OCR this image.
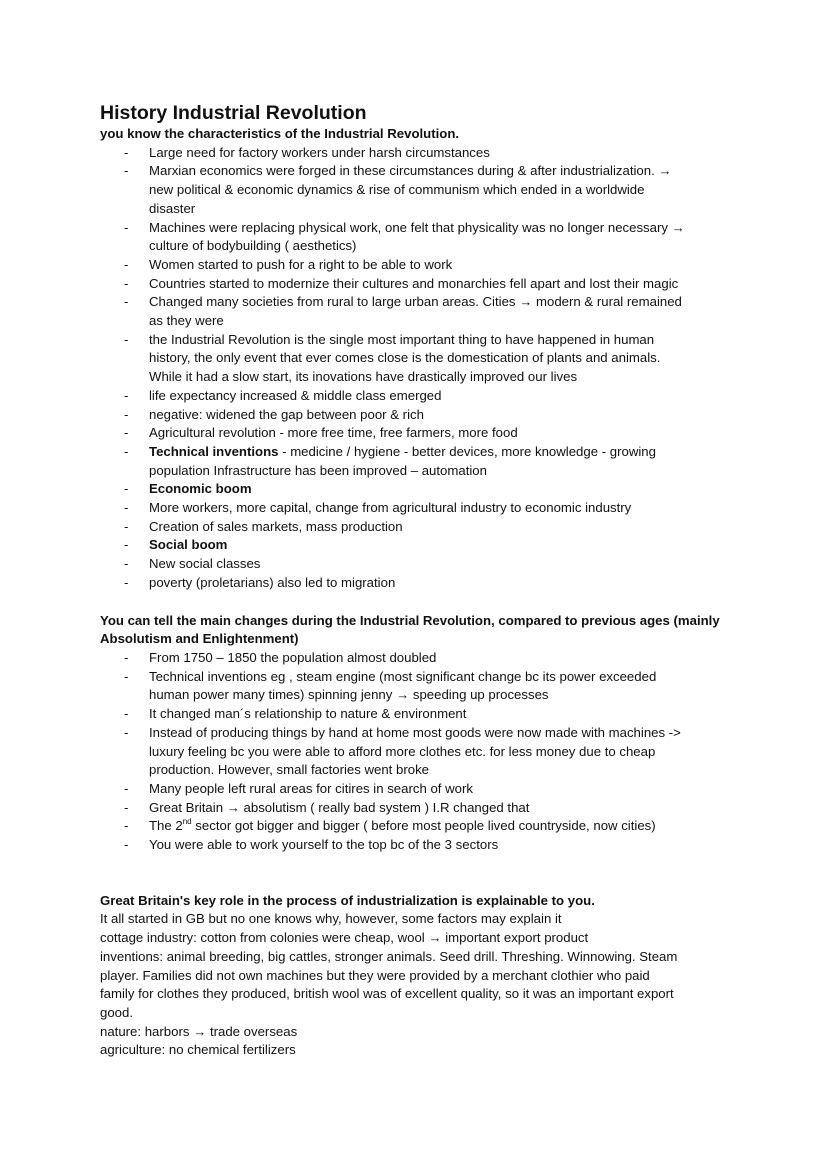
History Industrial Revolution
you know the characteristics of the Industrial Revolution.
- Large need for factory workers under harsh circumstances
- Marxian economics were forged in these circumstances during & after industrialization. →
new political & economic dynamics & rise of communism which ended in a worldwide
disaster
- Machines were replacing physical work, one felt that physicality was no longer necessary →
culture of bodybuilding ( aesthetics)
- Women started to push for a right to be able to work
- Countries started to modernize their cultures and monarchies fell apart and lost their magic
- Changed many societies from rural to large urban areas. Cities → modern & rural remained
as they were
- the Industrial Revolution is the single most important thing to have happened in human
history, the only event that ever comes close is the domestication of plants and animals.
While it had a slow start, its inovations have drastically improved our lives
- life expectancy increased & middle class emerged
- negative: widened the gap between poor & rich
- Agricultural revolution - more free time, free farmers, more food
- Technical inventions - medicine / hygiene - better devices, more knowledge - growing
population Infrastructure has been improved – automation
- Economic boom
- More workers, more capital, change from agricultural industry to economic industry
- Creation of sales markets, mass production
- Social boom
- New social classes
- poverty (proletarians) also led to migration
You can tell the main changes during the Industrial Revolution, compared to previous ages (mainly
Absolutism and Enlightenment)
- From 1750 – 1850 the population almost doubled
- Technical inventions eg , steam engine (most significant change bc its power exceeded
human power many times) spinning jenny → speeding up processes
- It changed man´s relationship to nature & environment
- Instead of producing things by hand at home most goods were now made with machines ->
luxury feeling bc you were able to afford more clothes etc. for less money due to cheap
production. However, small factories went broke
- Many people left rural areas for citires in search of work
- Great Britain → absolutism ( really bad system ) I.R changed that
- The 2nd sector got bigger and bigger ( before most people lived countryside, now cities)
- You were able to work yourself to the top bc of the 3 sectors
Great Britain's key role in the process of industrialization is explainable to you.

It all started in GB but no one knows why, however, some factors may explain it
cottage industry: cotton from colonies were cheap, wool → important export product
inventions: animal breeding, big cattles, stronger animals. Seed drill. Threshing. Winnowing. Steam
player. Families did not own machines but they were provided by a merchant clothier who paid
family for clothes they produced, british wool was of excellent quality, so it was an important export
good.
nature: harbors → trade overseas
agriculture: no chemical fertilizers
